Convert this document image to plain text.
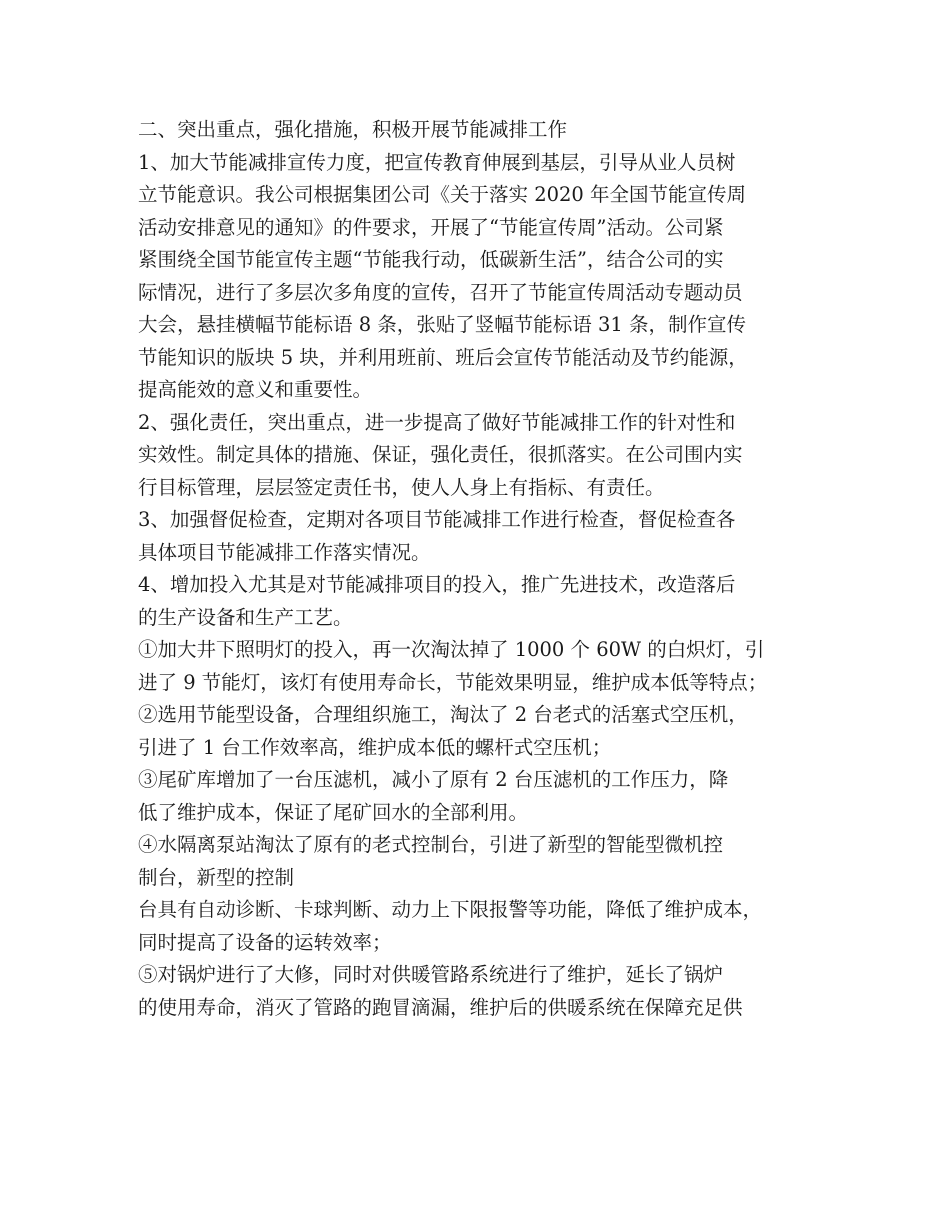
二、突出重点，强化措施，积极开展节能减排工作
1、加大节能减排宣传力度，把宣传教育伸展到基层，引导从业人员树
立节能意识。我公司根据集团公司《关于落实 2020 年全国节能宣传周
活动安排意见的通知》的件要求，开展了“节能宣传周”活动。公司紧
紧围绕全国节能宣传主题“节能我行动，低碳新生活”，结合公司的实
际情况，进行了多层次多角度的宣传，召开了节能宣传周活动专题动员
大会，悬挂横幅节能标语 8 条，张贴了竖幅节能标语 31 条，制作宣传
节能知识的版块 5 块，并利用班前、班后会宣传节能活动及节约能源，
提高能效的意义和重要性。
2、强化责任，突出重点，进一步提高了做好节能减排工作的针对性和
实效性。制定具体的措施、保证，强化责任，很抓落实。在公司围内实
行目标管理，层层签定责任书，使人人身上有指标、有责任。
3、加强督促检查，定期对各项目节能减排工作进行检查，督促检查各
具体项目节能减排工作落实情况。
4、增加投入尤其是对节能减排项目的投入，推广先进技术，改造落后
的生产设备和生产工艺。
①加大井下照明灯的投入，再一次淘汰掉了 1000 个 60W 的白炽灯，引
进了 9 节能灯，该灯有使用寿命长，节能效果明显，维护成本低等特点；
②选用节能型设备，合理组织施工，淘汰了 2 台老式的活塞式空压机，
引进了 1 台工作效率高，维护成本低的螺杆式空压机；
③尾矿库增加了一台压滤机，减小了原有 2 台压滤机的工作压力，降
低了维护成本，保证了尾矿回水的全部利用。
④水隔离泵站淘汰了原有的老式控制台，引进了新型的智能型微机控
制台，新型的控制
台具有自动诊断、卡球判断、动力上下限报警等功能，降低了维护成本，
同时提高了设备的运转效率；
⑤对锅炉进行了大修，同时对供暖管路系统进行了维护，延长了锅炉
的使用寿命，消灭了管路的跑冒滴漏，维护后的供暖系统在保障充足供
